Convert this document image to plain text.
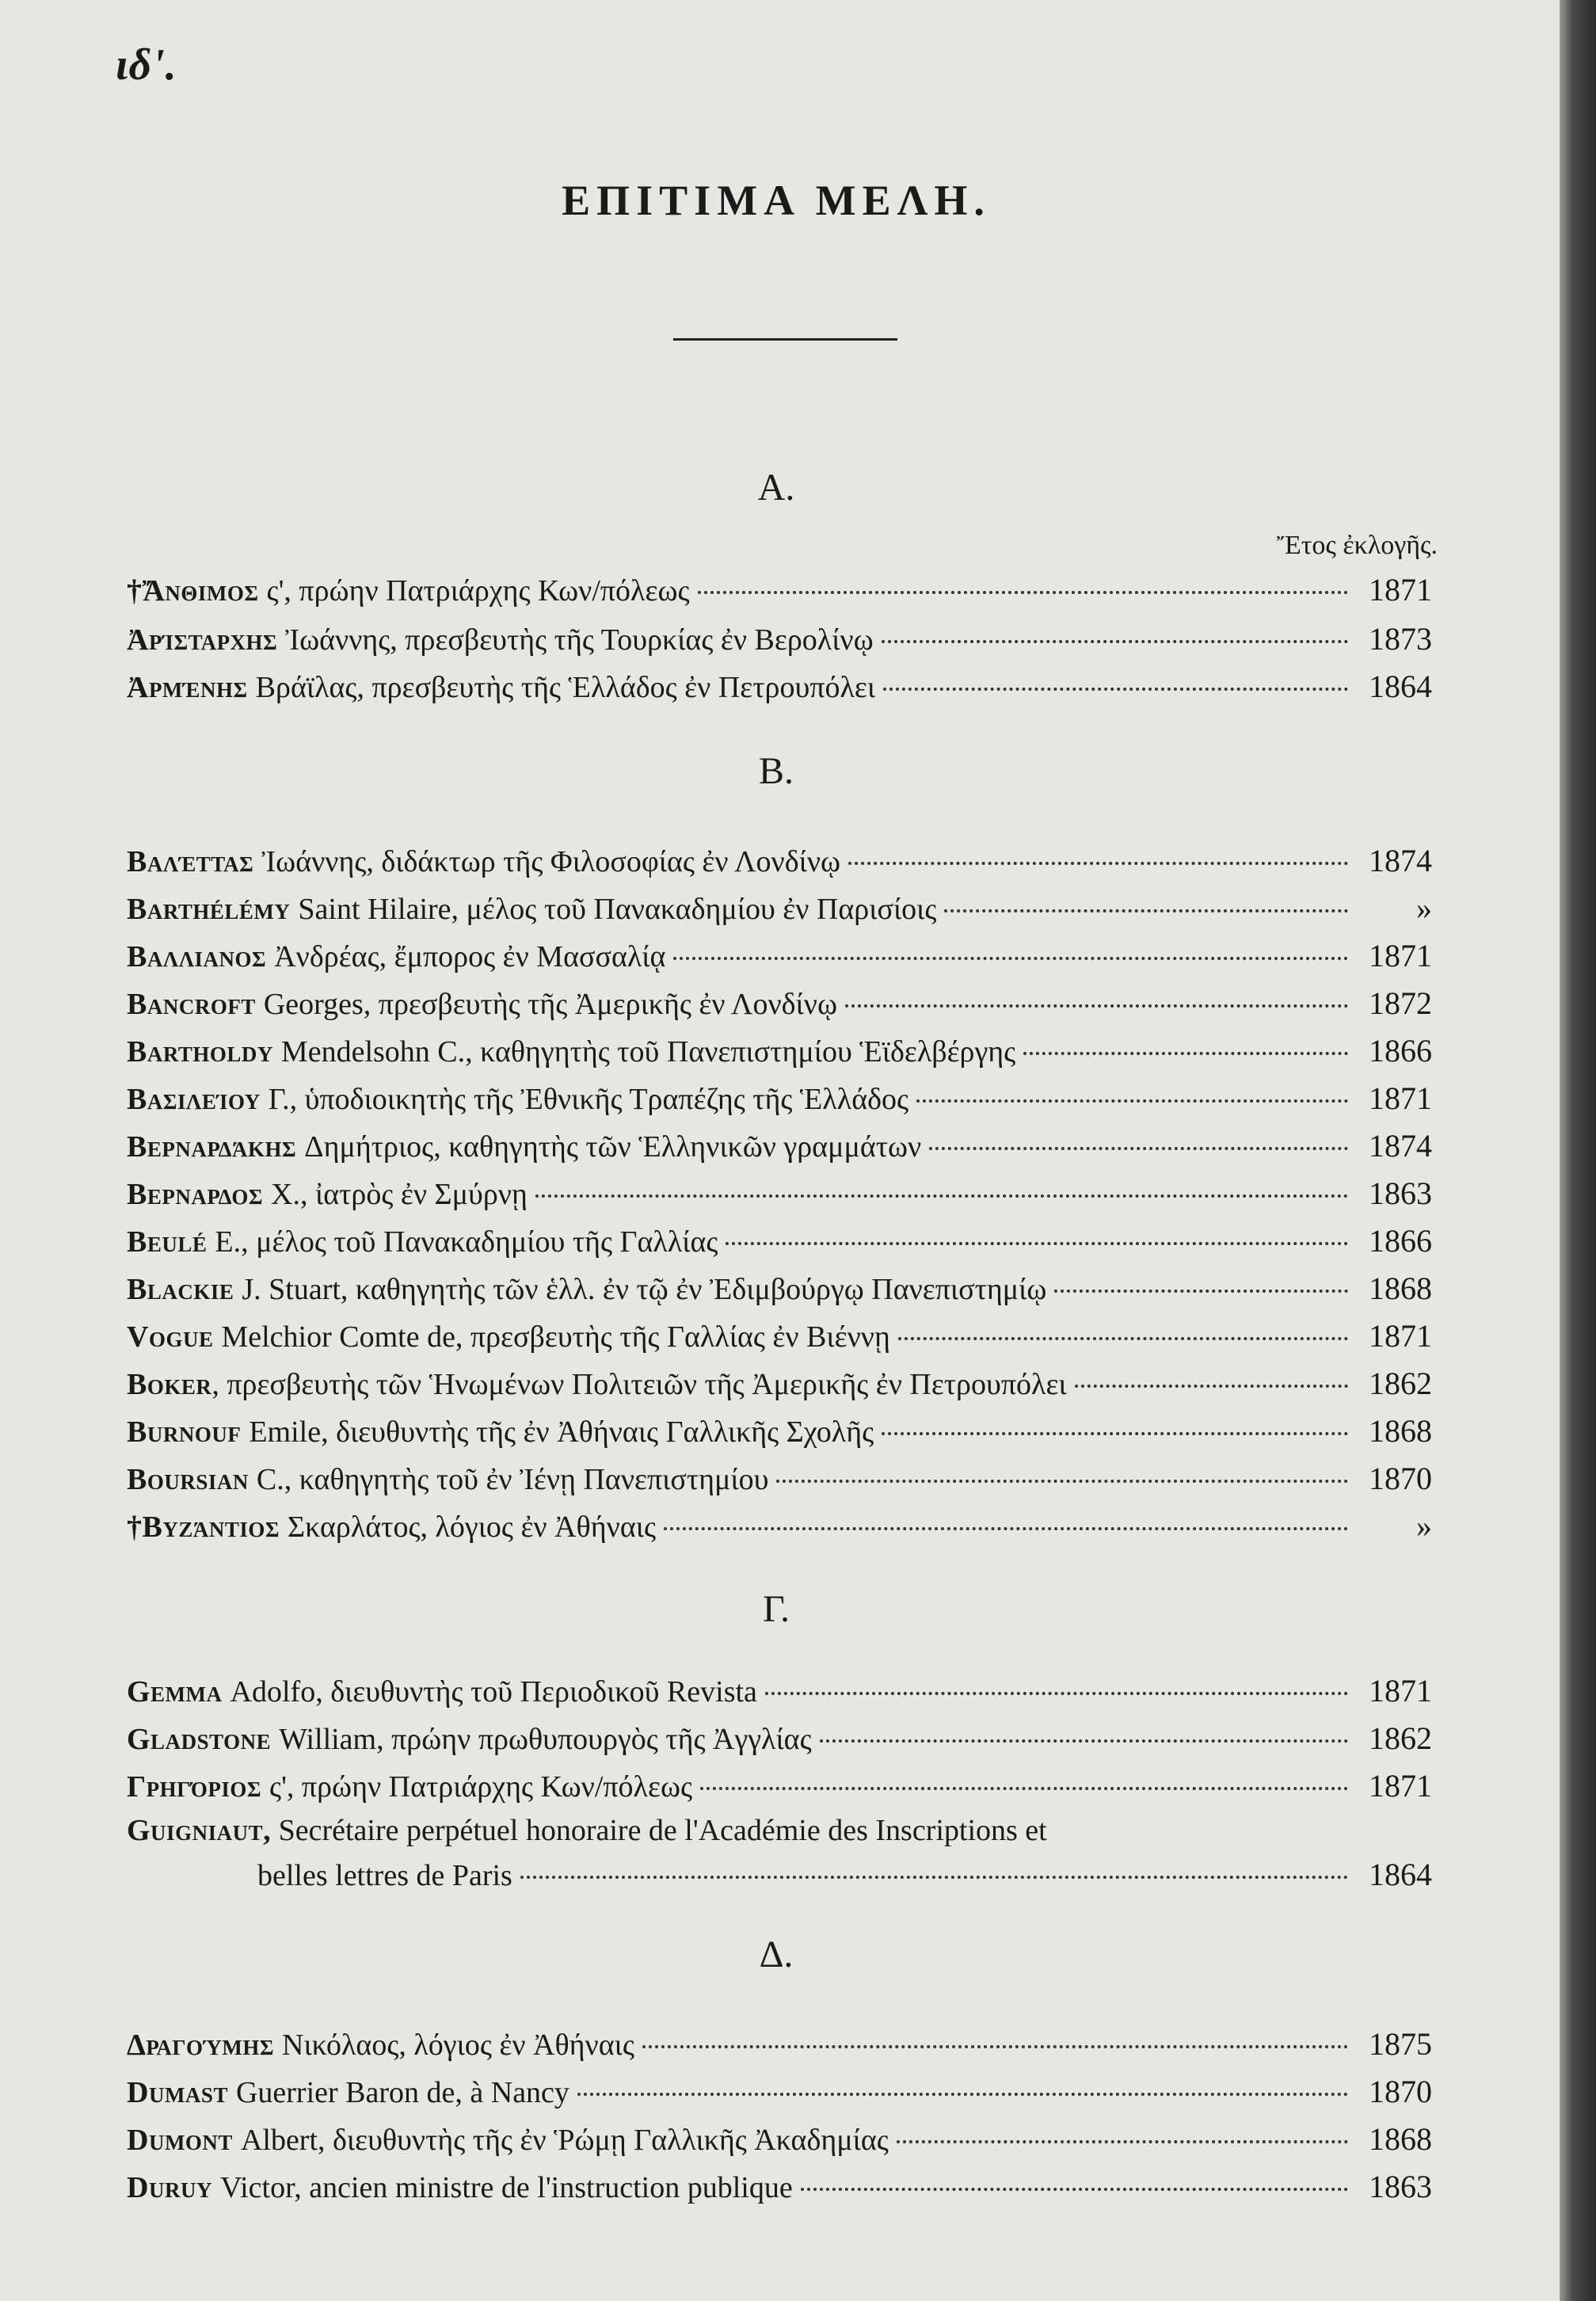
ιδ'.
ΕΠΙΤΙΜΑ ΜΕΛΗ.
Α.
Ἔτος ἐκλογῆς.
†Ἄνθιμος ς', πρώην Πατριάρχης Κων/πόλεως	1871
Ἀρίσταρχης Ἰωάννης, πρεσβευτὴς τῆς Τουρκίας ἐν Βερολίνῳ	1873
Ἀρμένης Βράϊλας, πρεσβευτὴς τῆς Ἑλλάδος ἐν Πετρουπόλει	1864
Β.
Βαλέττας Ἰωάννης, διδάκτωρ τῆς Φιλοσοφίας ἐν Λονδίνῳ	1874
Barthélémy Saint Hilaire, μέλος τοῦ Πανακαδημίου ἐν Παρισίοις	»
Βαλλιανος Ἀνδρέας, ἔμπορος ἐν Μασσαλίᾳ	1871
Bancroft Georges, πρεσβευτὴς τῆς Ἀμερικῆς ἐν Λονδίνῳ	1872
Bartholdy Mendelsohn C., καθηγητὴς τοῦ Πανεπιστημίου Ἑϊδελβέργης	1866
Βασιλείου Γ., ὑποδιοικητὴς τῆς Ἐθνικῆς Τραπέζης τῆς Ἑλλάδος	1871
Βερναρδάκης Δημήτριος, καθηγητὴς τῶν Ἑλληνικῶν γραμμάτων	1874
Βερναρδος Χ., ἰατρὸς ἐν Σμύρνῃ	1863
Beulé E., μέλος τοῦ Πανακαδημίου τῆς Γαλλίας	1866
Blackie J. Stuart, καθηγητὴς τῶν ἑλλ. ἐν τῷ ἐν Ἐδιμβούργῳ Πανεπιστημίῳ	1868
Vogue Melchior Comte de, πρεσβευτὴς τῆς Γαλλίας ἐν Βιέννῃ	1871
Boker , πρεσβευτὴς τῶν Ἡνωμένων Πολιτειῶν τῆς Ἀμερικῆς ἐν Πετρουπόλει	1862
Burnouf Emile, διευθυντὴς τῆς ἐν Ἀθήναις Γαλλικῆς Σχολῆς	1868
Boursian C., καθηγητὴς τοῦ ἐν Ἰένῃ Πανεπιστημίου	1870
†Βυζάντιος Σκαρλάτος, λόγιος ἐν Ἀθήναις	»
Γ.
Gemma Adolfo, διευθυντὴς τοῦ Περιοδικοῦ Revista	1871
Gladstone William, πρώην πρωθυπουργὸς τῆς Ἀγγλίας	1862
Γρηγόριος ς', πρώην Πατριάρχης Κων/πόλεως	1871
Guigniaut, Secrétaire perpétuel honoraire de l'Académie des Inscriptions et
belles lettres de Paris	1864
Δ.
Δραγούμης Νικόλαος, λόγιος ἐν Ἀθήναις	1875
Dumast Guerrier Baron de, à Nancy	1870
Dumont Albert, διευθυντὴς τῆς ἐν Ῥώμῃ Γαλλικῆς Ἀκαδημίας	1868
Duruy Victor, ancien ministre de l'instruction publique	1863
